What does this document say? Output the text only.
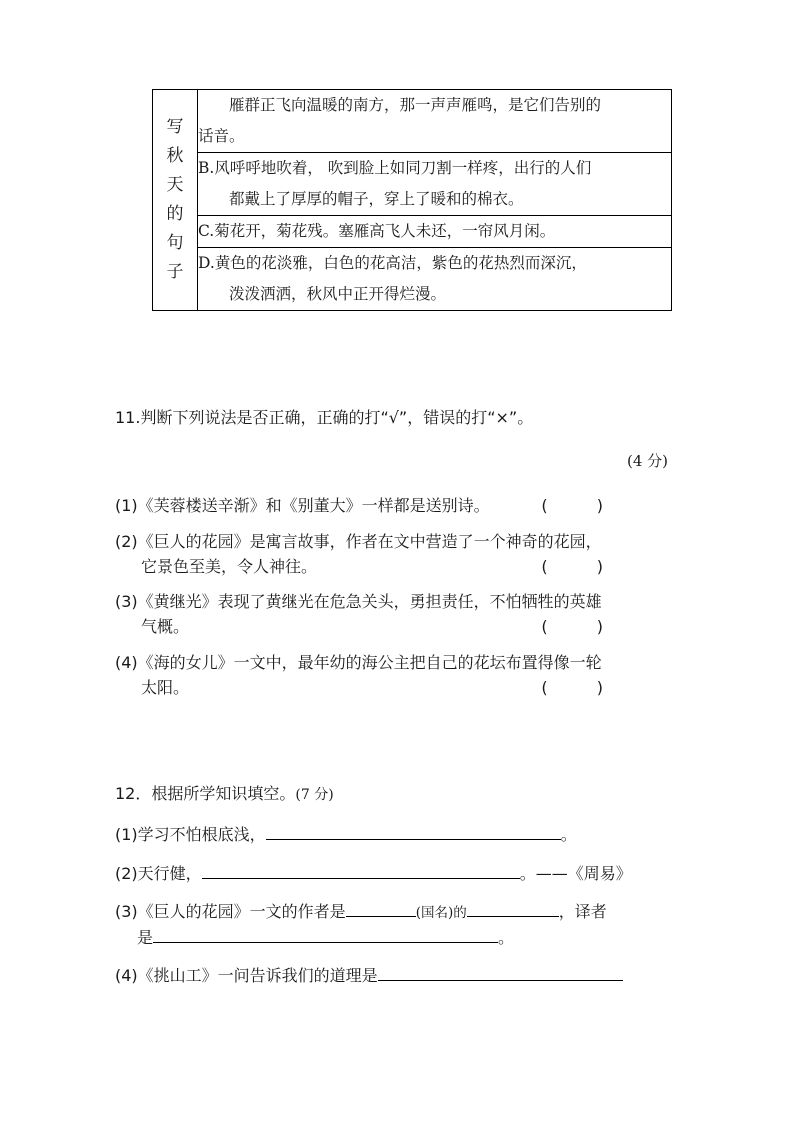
写
秋
天
的
句
子

雁群正飞向温暖的南方，那一声声雁鸣，是它们告别的
话音。

B.风呼呼地吹着， 吹到脸上如同刀割一样疼，出行的人们
都戴上了厚厚的帽子，穿上了暖和的棉衣。

C.菊花开，菊花残。塞雁高飞人未还，一帘风月闲。

D.黄色的花淡雅，白色的花高洁，紫色的花热烈而深沉，
泼泼洒洒，秋风中正开得烂漫。
11.判断下列说法是否正确，正确的打“√”，错误的打“×”。
(4 分)
(1)《芙蓉楼送辛渐》和《别董大》一样都是送别诗。	( )
(2)《巨人的花园》是寓言故事，作者在文中营造了一个神奇的花园，
它景色至美，令人神往。	( )
(3)《黄继光》表现了黄继光在危急关头，勇担责任，不怕牺牲的英雄
气概。	( )
(4)《海的女儿》一文中，最年幼的海公主把自己的花坛布置得像一轮
太阳。	( )
12．根据所学知识填空。(7 分)
(1)学习不怕根底浅，	。
(2)天行健，	。——《周易》
(3)《巨人的花园》一文的作者是	(国名)的	，译者
是	。
(4)《挑山工》一问告诉我们的道理是
